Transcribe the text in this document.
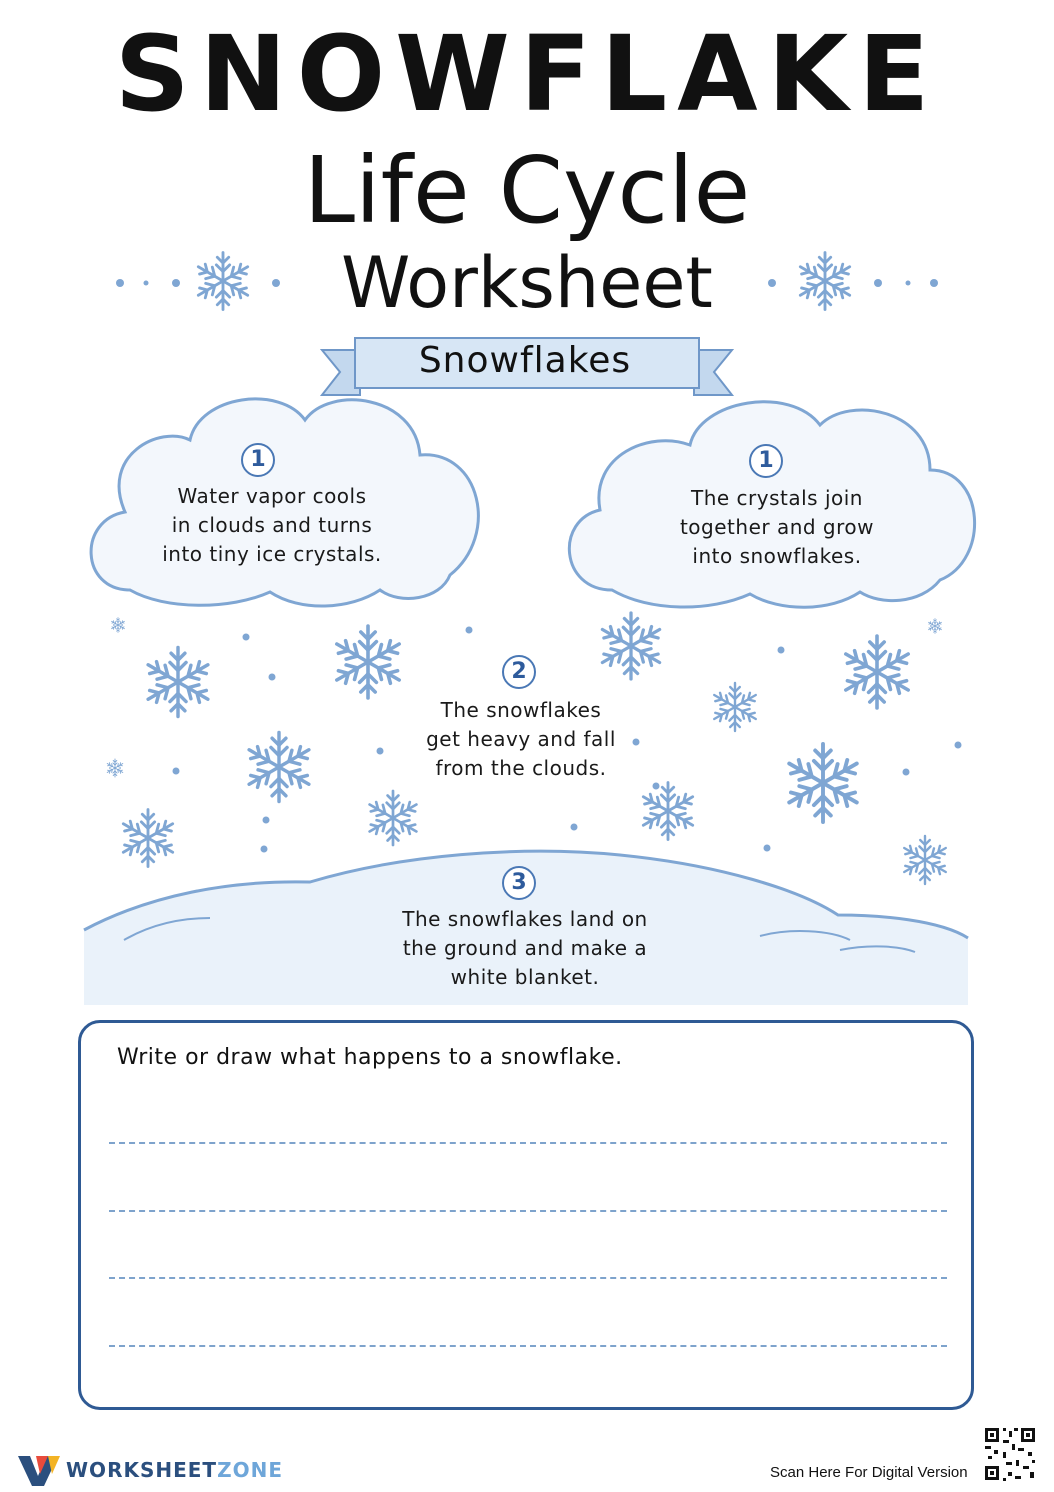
SNOWFLAKE
Life Cycle
Worksheet
Snowflakes
1
Water vapor cools
in clouds and turns
into tiny ice crystals.
1
The crystals join
together and grow
into snowflakes.
2
The snowflakes
get heavy and fall
from the clouds.
3
The snowflakes land on
the ground and make a
white blanket.
Write or draw what happens to a snowflake.
WORKSHEETZONE	Scan Here For Digital Version
